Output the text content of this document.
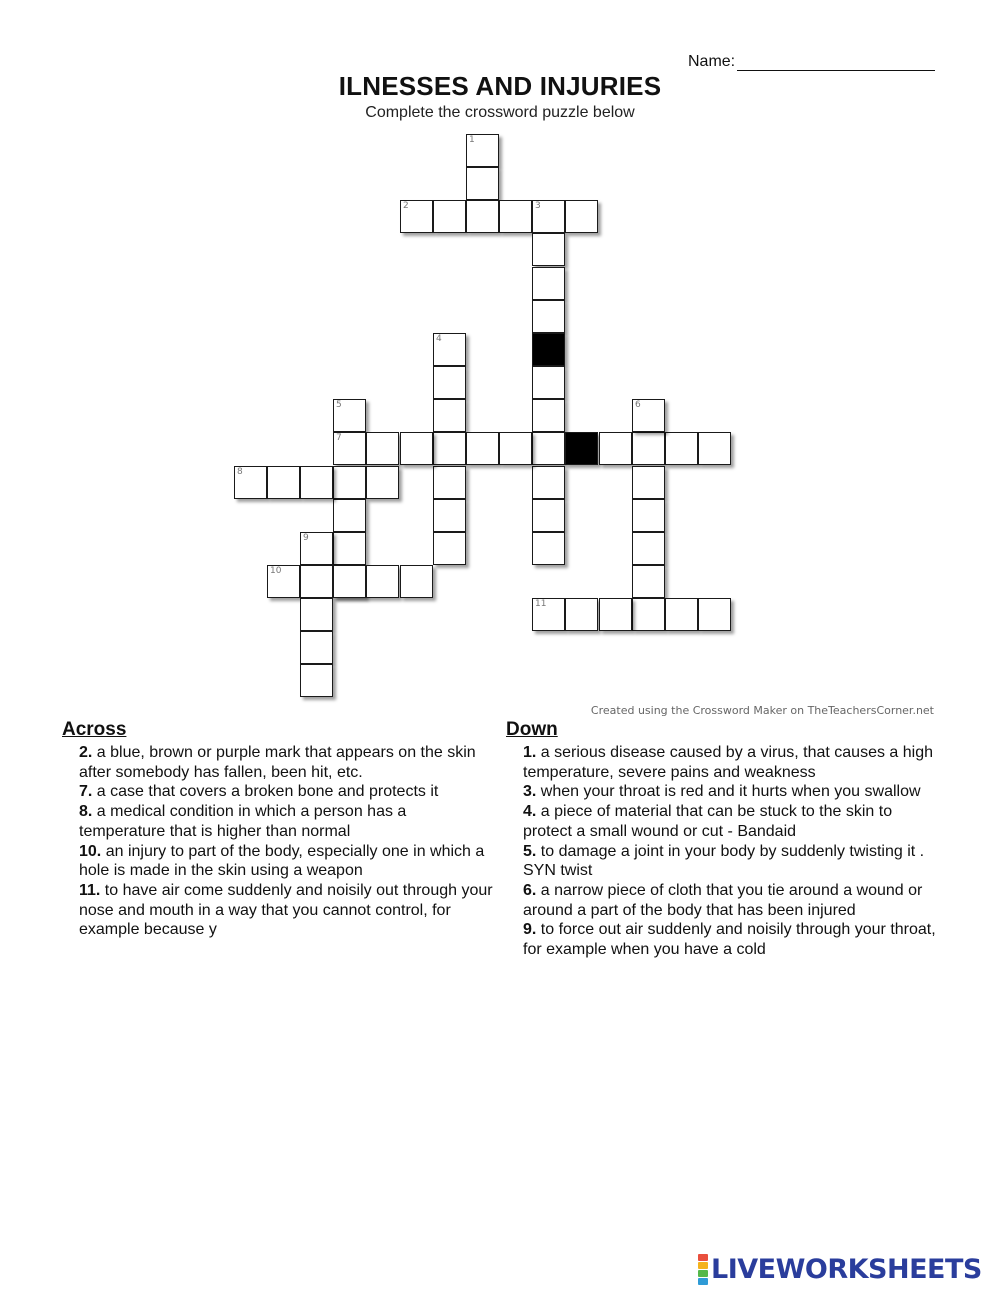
Name:
ILNESSES AND INJURIES
Complete the crossword puzzle below
1
2	3
4
5
7
6
8
9
10
11
Created using the Crossword Maker on TheTeachersCorner.net
Across

2. a blue, brown or purple mark that appears on the skin after somebody has fallen, been hit, etc.

7. a case that covers a broken bone and protects it

8. a medical condition in which a person has a temperature that is higher than normal

10. an injury to part of the body, especially one in which a hole is made in the skin using a weapon

11. to have air come suddenly and noisily out through your nose and mouth in a way that you cannot control, for example because y

Down

1. a serious disease caused by a virus, that causes a high temperature, severe pains and weakness

3. when your throat is red and it hurts when you swallow

4. a piece of material that can be stuck to the skin to protect a small wound or cut - Bandaid

5. to damage a joint in your body by suddenly twisting it . SYN twist

6. a narrow piece of cloth that you tie around a wound or around a part of the body that has been injured

9. to force out air suddenly and noisily through your throat, for example when you have a cold

LIVEWORKSHEETS
